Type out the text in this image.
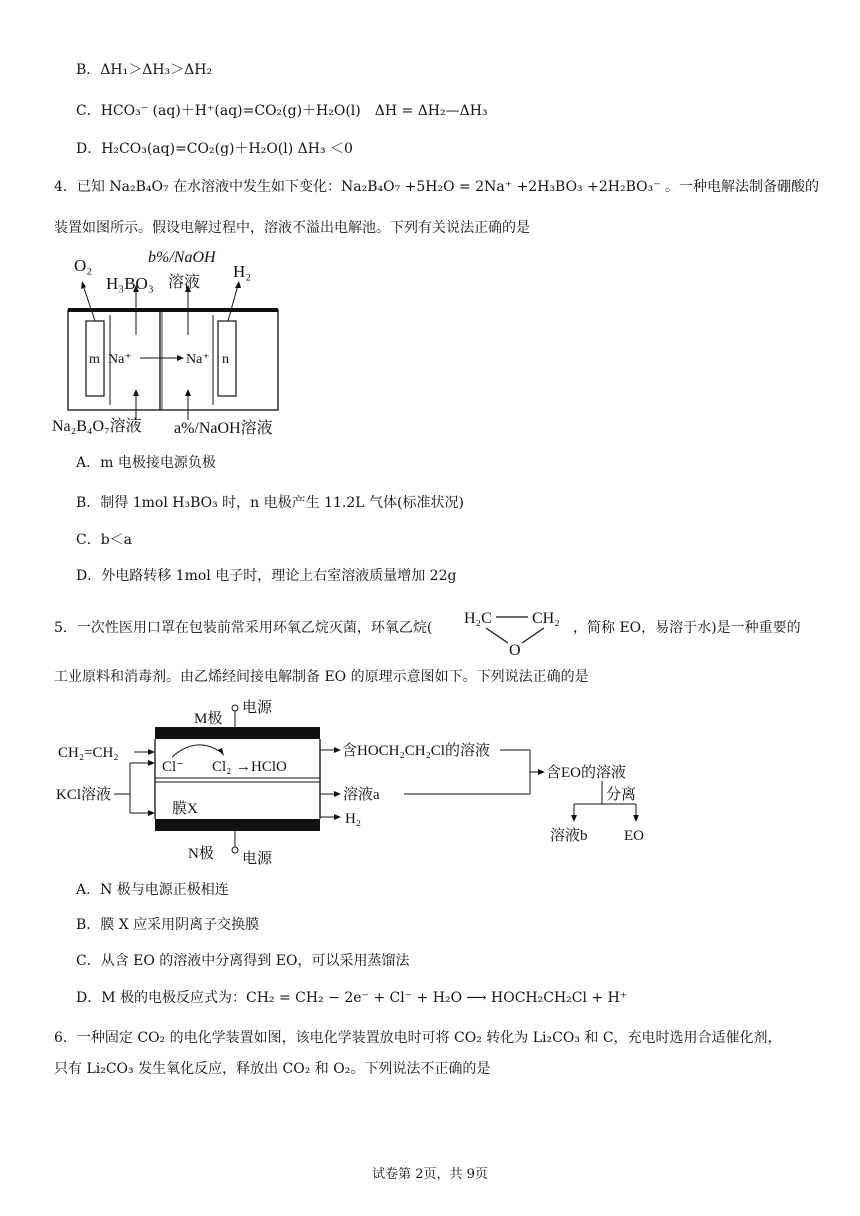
B．ΔH₁＞ΔH₃＞ΔH₂
C．HCO₃⁻ (aq)＋H⁺(aq)=CO₂(g)＋H₂O(l)　ΔH = ΔH₂—ΔH₃
D．H₂CO₃(aq)=CO₂(g)＋H₂O(l) ΔH₃ ＜0
4．已知 Na₂B₄O₇ 在水溶液中发生如下变化：Na₂B₄O₇ +5H₂O = 2Na⁺ +2H₃BO₃ +2H₂BO₃⁻ 。一种电解法制备硼酸的
装置如图所示。假设电解过程中，溶液不溢出电解池。下列有关说法正确的是
m	n
Na⁺	Na⁺
O₂
H₃BO₃
b%/NaOH
溶液
H₂
Na₂B₄O₇溶液 a%/NaOH溶液
A．m 电极接电源负极
B．制得 1mol H₃BO₃ 时，n 电极产生 11.2L 气体(标准状况)
C．b＜a
D．外电路转移 1mol 电子时，理论上右室溶液质量增加 22g
5．一次性医用口罩在包装前常采用环氧乙烷灭菌，环氧乙烷(
H₂C	CH₂
O
，简称 EO，易溶于水)是一种重要的
工业原料和消毒剂。由乙烯经间接电解制备 EO 的原理示意图如下。下列说法正确的是
M极
电源
N极 电源
CH₂=CH₂
KCl溶液
Cl⁻ Cl₂ →HClO
膜X
含HOCH₂CH₂Cl的溶液
溶液a
H₂
含EO的溶液
分离
溶液b EO
A．N 极与电源正极相连
B．膜 X 应采用阴离子交换膜
C．从含 EO 的溶液中分离得到 EO，可以采用蒸馏法
D．M 极的电极反应式为：CH₂ = CH₂ − 2e⁻ + Cl⁻ + H₂O ⟶ HOCH₂CH₂Cl + H⁺
6．一种固定 CO₂ 的电化学装置如图，该电化学装置放电时可将 CO₂ 转化为 Li₂CO₃ 和 C，充电时选用合适催化剂，
只有 Li₂CO₃ 发生氧化反应，释放出 CO₂ 和 O₂。下列说法不正确的是
试卷第 2页，共 9页
